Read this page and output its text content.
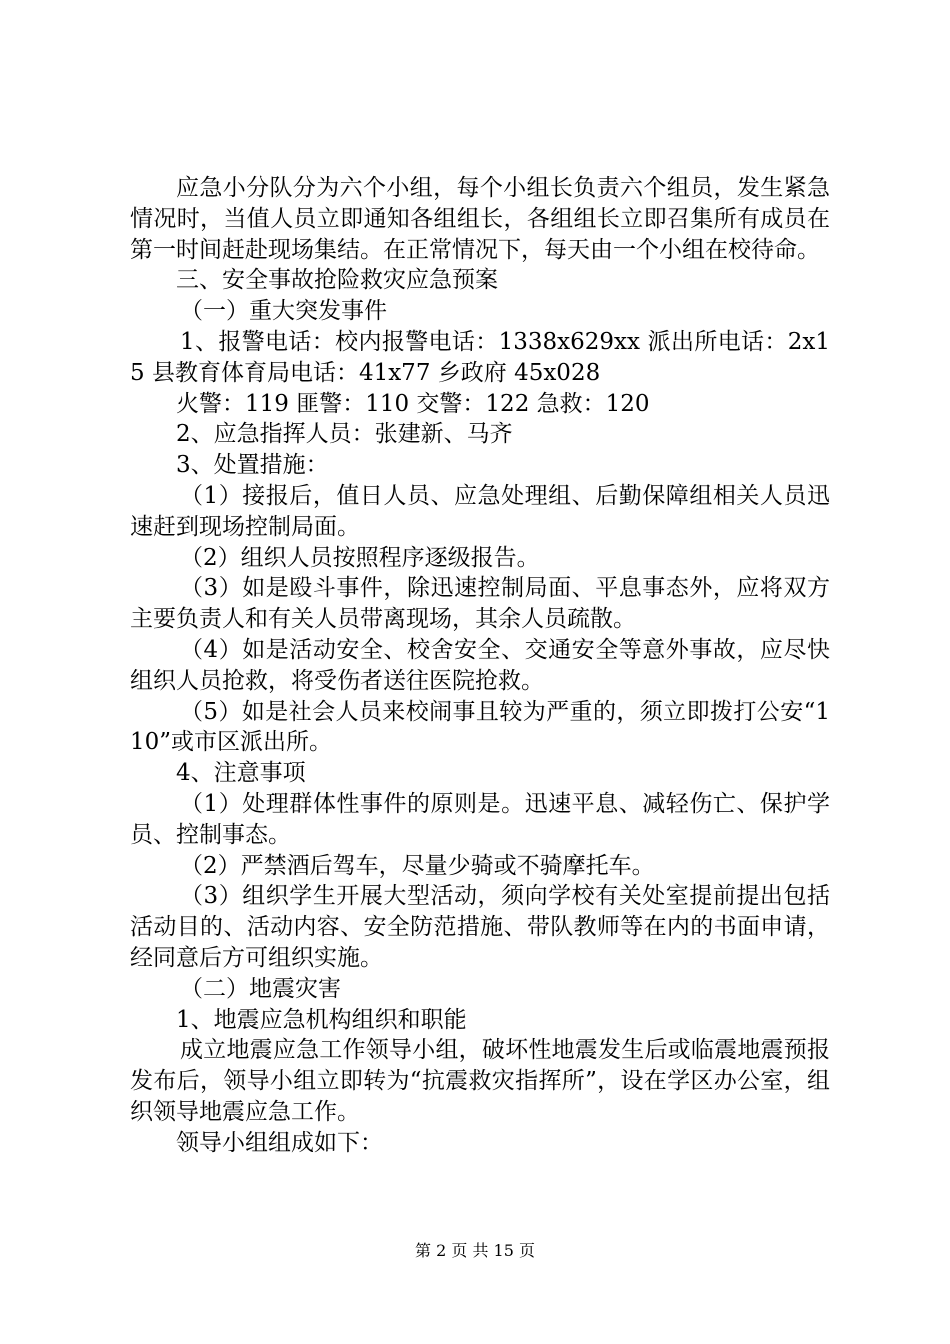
应急小分队分为六个小组，每个小组长负责六个组员，发生紧急情况时，当值人员立即通知各组组长，各组组长立即召集所有成员在第一时间赶赴现场集结。在正常情况下，每天由一个小组在校待命。

三、安全事故抢险救灾应急预案

（一）重大突发事件

1、报警电话：校内报警电话：1338x629xx 派出所电话：2x15 县教育体育局电话：41x77 乡政府 45x028

火警：119 匪警：110 交警：122 急救：120

2、应急指挥人员：张建新、马齐

3、处置措施：

（1）接报后，值日人员、应急处理组、后勤保障组相关人员迅速赶到现场控制局面。

（2）组织人员按照程序逐级报告。

（3）如是殴斗事件，除迅速控制局面、平息事态外，应将双方主要负责人和有关人员带离现场，其余人员疏散。

（4）如是活动安全、校舍安全、交通安全等意外事故，应尽快组织人员抢救，将受伤者送往医院抢救。

（5）如是社会人员来校闹事且较为严重的，须立即拨打公安“110”或市区派出所。

4、注意事项

（1）处理群体性事件的原则是。迅速平息、减轻伤亡、保护学员、控制事态。

（2）严禁酒后驾车，尽量少骑或不骑摩托车。

（3）组织学生开展大型活动，须向学校有关处室提前提出包括活动目的、活动内容、安全防范措施、带队教师等在内的书面申请，经同意后方可组织实施。

（二）地震灾害

1、地震应急机构组织和职能

成立地震应急工作领导小组，破坏性地震发生后或临震地震预报发布后，领导小组立即转为“抗震救灾指挥所”，设在学区办公室，组织领导地震应急工作。

领导小组组成如下：

第 2 页 共 15 页
